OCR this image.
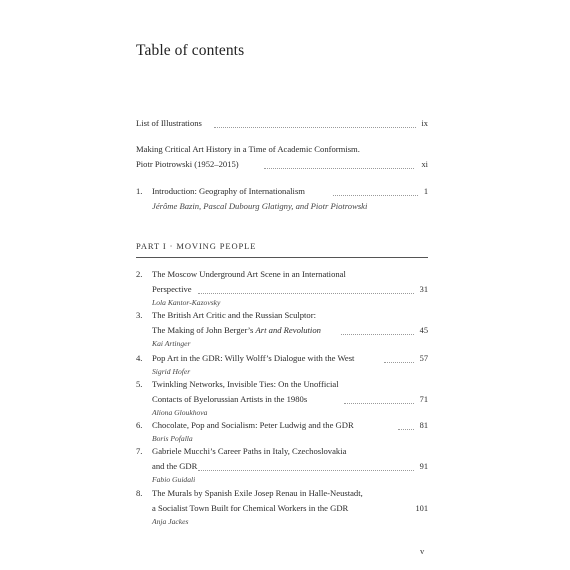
Table of contents
List of Illustrations	ix
Making Critical Art History in a Time of Academic Conformism.
Piotr Piotrowski (1952–2015)	xi
1. Introduction: Geography of Internationalism	1
Jérôme Bazin, Pascal Dubourg Glatigny, and Piotr Piotrowski
PART I · MOVING PEOPLE
2. The Moscow Underground Art Scene in an International
Perspective	31
Lola Kantor-Kazovsky
3. The British Art Critic and the Russian Sculptor:
The Making of John Berger’s Art and Revolution	45
Kai Artinger
4. Pop Art in the GDR: Willy Wolff’s Dialogue with the West	57
Sigrid Hofer
5. Twinkling Networks, Invisible Ties: On the Unofficial
Contacts of Byelorussian Artists in the 1980s	71
Aliona Gloukhova
6. Chocolate, Pop and Socialism: Peter Ludwig and the GDR	81
Boris Pofalla
7. Gabriele Mucchi’s Career Paths in Italy, Czechoslovakia
and the GDR	91
Fabio Guidali
8. The Murals by Spanish Exile Josep Renau in Halle-Neustadt,
a Socialist Town Built for Chemical Workers in the GDR	101
Anja Jackes
v
